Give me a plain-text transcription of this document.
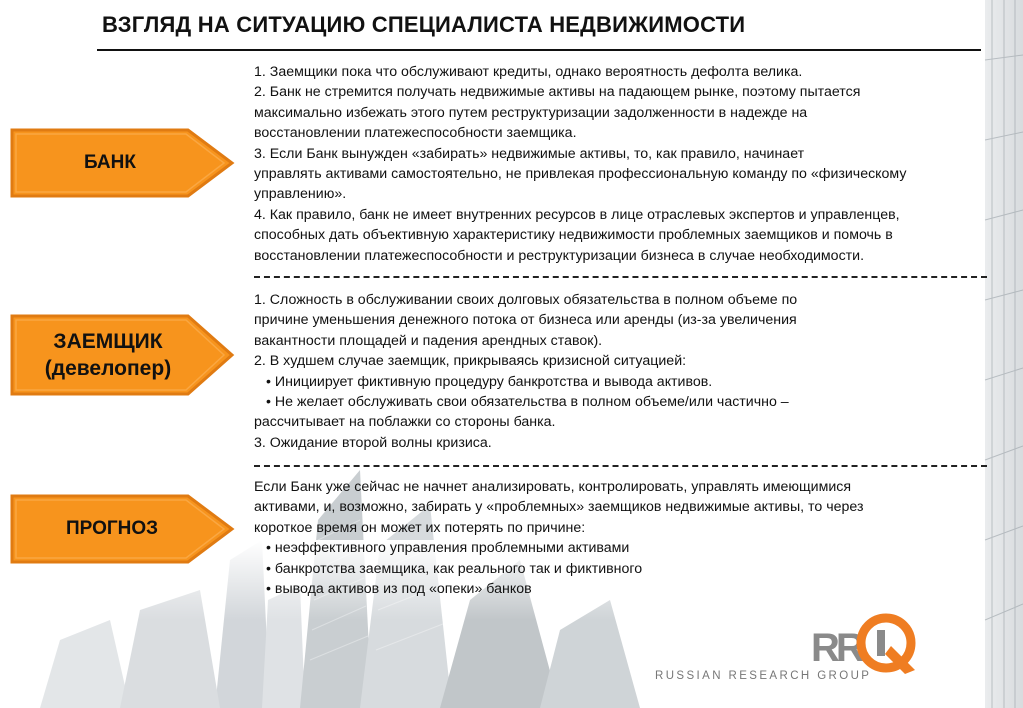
ВЗГЛЯД НА СИТУАЦИЮ СПЕЦИАЛИСТА НЕДВИЖИМОСТИ
БАНК
ЗАЕМЩИК
(девелопер)
ПРОГНОЗ

1. Заемщики пока что обслуживают кредиты, однако вероятность дефолта велика.

2. Банк не стремится получать недвижимые активы на падающем рынке, поэтому пытается

максимально избежать этого путем реструктуризации задолженности в надежде на

восстановлении платежеспособности заемщика.

3. Если Банк вынужден «забирать» недвижимые активы, то, как правило, начинает

управлять активами самостоятельно, не привлекая профессиональную команду по «физическому

управлению».

4. Как правило, банк не имеет внутренних ресурсов в лице отраслевых экспертов и управленцев,

способных дать объективную характеристику недвижимости проблемных заемщиков и помочь в

восстановлении платежеспособности и реструктуризации бизнеса в случае необходимости.

1. Сложность в обслуживании своих долговых обязательства в полном объеме по

причине уменьшения денежного потока от бизнеса или аренды (из-за увеличения

вакантности площадей и падения арендных ставок).

2. В худшем случае заемщик, прикрываясь кризисной ситуацией:

• Инициирует фиктивную процедуру банкротства и вывода активов.

• Не желает обслуживать свои обязательства в полном объеме/или частично –

рассчитывает на поблажки со стороны банка.

3. Ожидание второй волны кризиса.

Если Банк уже сейчас не начнет анализировать, контролировать, управлять имеющимися

активами, и, возможно, забирать у «проблемных» заемщиков недвижимые активы, то через

короткое время он может их потерять по причине:

• неэффективного управления проблемными активами

• банкротства заемщика, как реального так и фиктивного

• вывода активов из под «опеки» банков

RR
RUSSIAN RESEARCH GROUP
